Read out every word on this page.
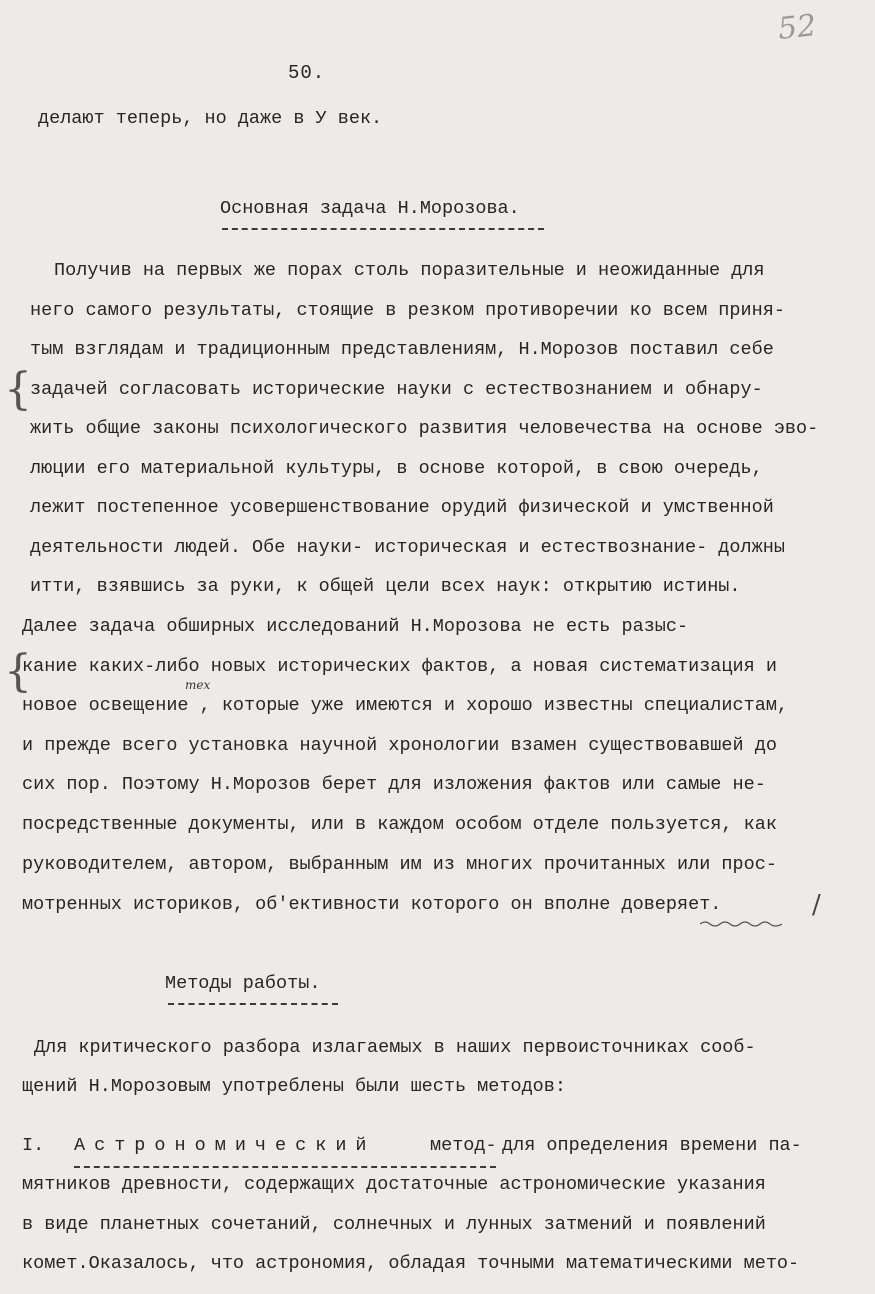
52
50.
делают теперь, но даже в У век.
Основная задача Н.Морозова.
Получив на первых же порах столь поразительные и неожиданные для
него самого результаты, стоящие в резком противоречии ко всем приня-
тым взглядам и традиционным представлениям, Н.Морозов поставил себе
задачей согласовать исторические науки с естествознанием и обнару-
жить общие законы психологического развития человечества на основе эво-
люции его материальной культуры, в основе которой, в свою очередь,
лежит постепенное усовершенствование орудий физической и умственной
деятельности людей. Обе науки- историческая и естествознание- должны
итти, взявшись за руки, к общей цели всех наук: открытию истины.
Далее задача обширных исследований Н.Морозова не есть разыс-
кание каких-либо новых исторических фактов, а новая систематизация и
новое освещение , которые уже имеются и хорошо известны специалистам,
и прежде всего установка научной хронологии взамен существовавшей до
сих пор. Поэтому Н.Морозов берет для изложения фактов или самые не-
посредственные документы, или в каждом особом отделе пользуется, как
руководителем, автором, выбранным им из многих прочитанных или прос-
мотренных историков, об'ективности которого он вполне доверяет.
{
{	тех
/
Методы работы.
Для критического разбора излагаемых в наших первоисточниках сооб-
щений Н.Морозовым употреблены были шесть методов:
I. Астрономический	метод- для определения времени па-
мятников древности, содержащих достаточные астрономические указания
в виде планетных сочетаний, солнечных и лунных затмений и появлений
комет.Оказалось, что астрономия, обладая точными математическими мето-
